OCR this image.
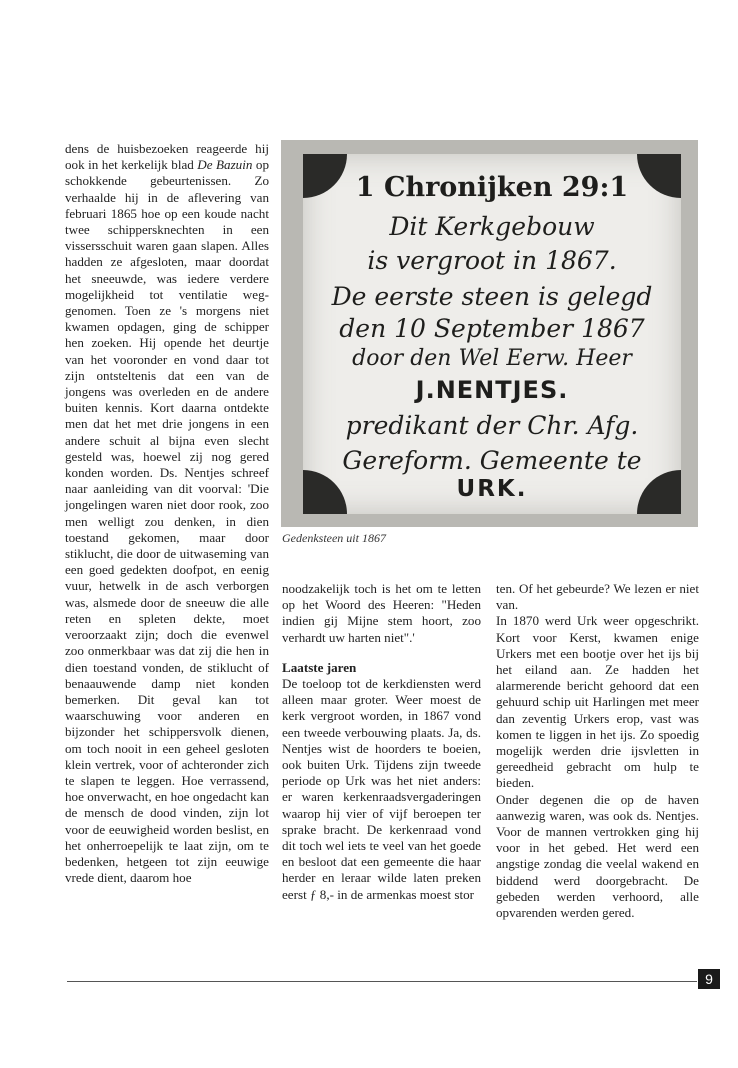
dens de huisbezoeken reageerde hij ook in het kerkelijk blad De Bazuin op schokkende gebeurtenissen. Zo verhaalde hij in de aflevering van februari 1865 hoe op een koude nacht twee schippersknechten in een vissersschuit waren gaan slapen. Alles hadden ze afgesloten, maar doordat het sneeuwde, was iedere verdere mogelijkheid tot ventilatie weggenomen. Toen ze 's morgens niet kwamen opdagen, ging de schipper hen zoeken. Hij opende het deurtje van het vooronder en vond daar tot zijn ontsteltenis dat een van de jongens was overleden en de andere buiten kennis. Kort daarna ontdekte men dat het met drie jongens in een andere schuit al bijna even slecht gesteld was, hoewel zij nog gered konden worden. Ds. Nentjes schreef naar aanleiding van dit voorval: 'Die jongelingen waren niet door rook, zoo men welligt zou denken, in dien toestand gekomen, maar door stiklucht, die door de uitwaseming van een goed gedekten doofpot, en eenig vuur, hetwelk in de asch verborgen was, alsmede door de sneeuw die alle reten en spleten dekte, moet veroorzaakt zijn; doch die evenwel zoo onmerkbaar was dat zij die hen in dien toestand vonden, de stiklucht of benaauwende damp niet konden bemerken. Dit geval kan tot waarschuwing voor anderen en bijzonder het schippersvolk dienen, om toch nooit in een geheel gesloten klein vertrek, voor of achteronder zich te slapen te leggen. Hoe verrassend, hoe onverwacht, en hoe ongedacht kan de mensch de dood vinden, zijn lot voor de eeuwigheid worden beslist, en het onherroepelijk te laat zijn, om te bedenken, hetgeen tot zijn eeuwige vrede dient, daarom hoe

1 Chronijken 29:1
Dit Kerkgebouw
is vergroot in 1867.
De eerste steen is gelegd
den 10 September 1867
door den Wel Eerw. Heer
J.NENTJES.
predikant der Chr. Afg.
Gereform. Gemeente te
URK.
Gedenksteen uit 1867

noodzakelijk toch is het om te letten op het Woord des Heeren: "Heden indien gij Mijne stem hoort, zoo verhardt uw harten niet".'

Laatste jaren

De toeloop tot de kerkdiensten werd alleen maar groter. Weer moest de kerk vergroot worden, in 1867 vond een tweede verbouwing plaats. Ja, ds. Nentjes wist de hoorders te boeien, ook buiten Urk. Tijdens zijn tweede periode op Urk was het niet anders: er waren kerkenraadsvergaderingen waarop hij vier of vijf beroepen ter sprake bracht. De kerkenraad vond dit toch wel iets te veel van het goede en besloot dat een gemeente die haar herder en leraar wilde laten preken eerst ƒ 8,- in de armenkas moest stor

ten. Of het gebeurde? We lezen er niet van.

In 1870 werd Urk weer opgeschrikt. Kort voor Kerst, kwamen enige Urkers met een bootje over het ijs bij het eiland aan. Ze hadden het alarmerende bericht gehoord dat een gehuurd schip uit Harlingen met meer dan zeventig Urkers erop, vast was komen te liggen in het ijs. Zo spoedig mogelijk werden drie ijsvletten in gereedheid gebracht om hulp te bieden.

Onder degenen die op de haven aanwezig waren, was ook ds. Nentjes. Voor de mannen vertrokken ging hij voor in het gebed. Het werd een angstige zondag die veelal wakend en biddend werd doorgebracht. De gebeden werden verhoord, alle opvarenden werden gered.

9
